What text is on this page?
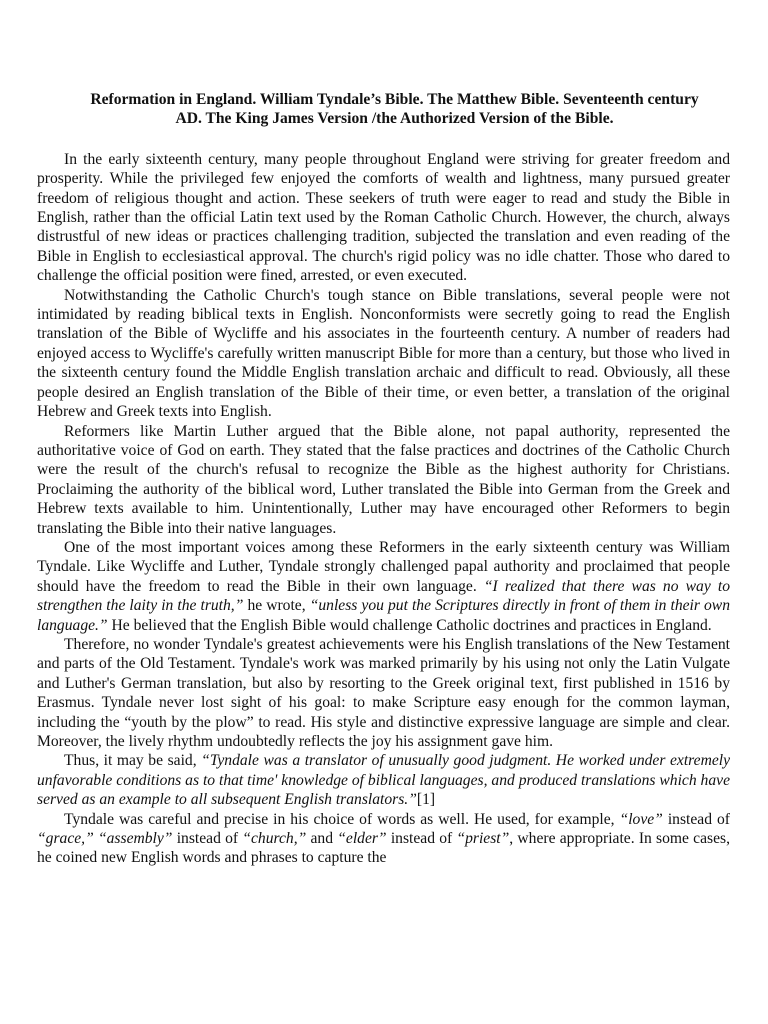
Reformation in England. William Tyndale’s Bible. The Matthew Bible. Seventeenth century AD. The King James Version /the Authorized Version of the Bible.

In the early sixteenth century, many people throughout England were striving for greater freedom and prosperity. While the privileged few enjoyed the comforts of wealth and lightness, many pursued greater freedom of religious thought and action. These seekers of truth were eager to read and study the Bible in English, rather than the official Latin text used by the Roman Catholic Church. However, the church, always distrustful of new ideas or practices challenging tradition, subjected the translation and even reading of the Bible in English to ecclesiastical approval. The church's rigid policy was no idle chatter. Those who dared to challenge the official position were fined, arrested, or even executed.

Notwithstanding the Catholic Church's tough stance on Bible translations, several people were not intimidated by reading biblical texts in English. Nonconformists were secretly going to read the English translation of the Bible of Wycliffe and his associates in the fourteenth century. A number of readers had enjoyed access to Wycliffe's carefully written manuscript Bible for more than a century, but those who lived in the sixteenth century found the Middle English translation archaic and difficult to read. Obviously, all these people desired an English translation of the Bible of their time, or even better, a translation of the original Hebrew and Greek texts into English.

Reformers like Martin Luther argued that the Bible alone, not papal authority, represented the authoritative voice of God on earth. They stated that the false practices and doctrines of the Catholic Church were the result of the church's refusal to recognize the Bible as the highest authority for Christians. Proclaiming the authority of the biblical word, Luther translated the Bible into German from the Greek and Hebrew texts available to him. Unintentionally, Luther may have encouraged other Reformers to begin translating the Bible into their native languages.

One of the most important voices among these Reformers in the early sixteenth century was William Tyndale. Like Wycliffe and Luther, Tyndale strongly challenged papal authority and proclaimed that people should have the freedom to read the Bible in their own language. “I realized that there was no way to strengthen the laity in the truth,” he wrote, “unless you put the Scriptures directly in front of them in their own language.” He believed that the English Bible would challenge Catholic doctrines and practices in England.

Therefore, no wonder Tyndale's greatest achievements were his English translations of the New Testament and parts of the Old Testament. Tyndale's work was marked primarily by his using not only the Latin Vulgate and Luther's German translation, but also by resorting to the Greek original text, first published in 1516 by Erasmus. Tyndale never lost sight of his goal: to make Scripture easy enough for the common layman, including the “youth by the plow” to read. His style and distinctive expressive language are simple and clear. Moreover, the lively rhythm undoubtedly reflects the joy his assignment gave him.

Thus, it may be said, “Tyndale was a translator of unusually good judgment. He worked under extremely unfavorable conditions as to that time' knowledge of biblical languages, and produced translations which have served as an example to all subsequent English translators.”[1]

Tyndale was careful and precise in his choice of words as well. He used, for example, “love” instead of “grace,” “assembly” instead of “church,” and “elder” instead of “priest”, where appropriate. In some cases, he coined new English words and phrases to capture the
